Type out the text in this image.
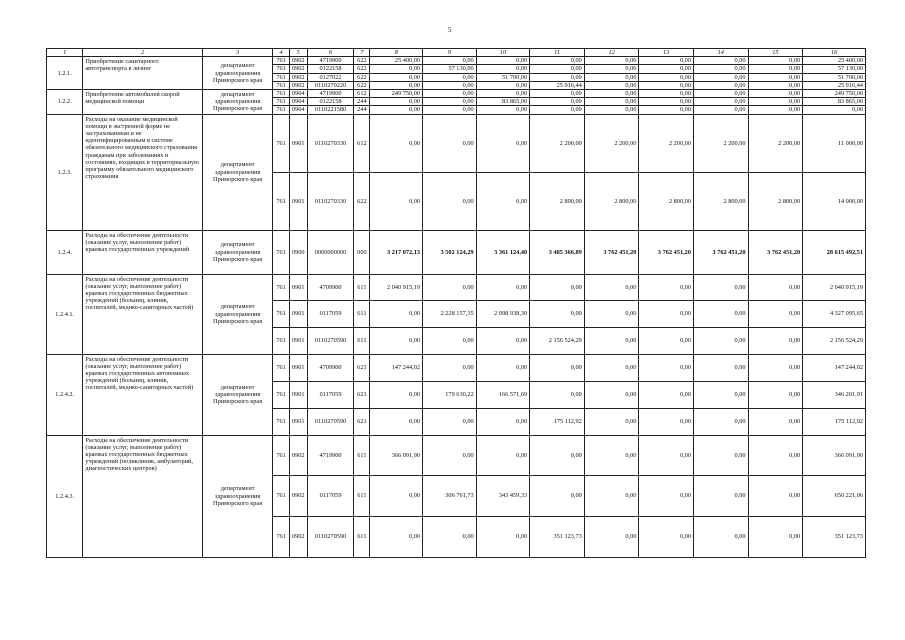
5
1	2	3	4	5	6	7	8	9	10	11	12	13	14	15	16
1.2.1.	Приобретение санитарного автотранспорта в лизинг	департамент здравоохранения Приморского края	761	0902	4719900	622	25 400,00	0,00	0,00	0,00	0,00	0,00	0,00	0,00	25 400,00
			761	0902	0122158	622	0,00	57 130,00	0,00	0,00	0,00	0,00	0,00	0,00	57 130,00
			761	0902	0127022	622	0,00	0,00	51 700,00	0,00	0,00	0,00	0,00	0,00	51 700,00
			761	0902	0110270220	622	0,00	0,00	0,00	25 916,44	0,00	0,00	0,00	0,00	25 916,44
1.2.2.	Приобретение автомобилей скорой медицинской помощи	департамент здравоохранения Приморского края	761	0904	4719900	612	249 750,00	0,00	0,00	0,00	0,00	0,00	0,00	0,00	249 750,00
			761	0904	0122158	244	0,00	0,00	83 865,00	0,00	0,00	0,00	0,00	0,00	83 865,00
			761	0904	0110221580	244	0,00	0,00	0,00	0,00	0,00	0,00	0,00	0,00	0,00
1.2.3.	Расходы на оказание медицинской помощи в экстренной форме не застрахованным и не идентифицированным в системе обязательного медицинского страхования гражданам при заболеваниях и состояниях, входящих в территориальную программу обязательного медицинского страхования	департамент здравоохранения Приморского края	761	0901	0110270330	612	0,00	0,00	0,00	2 200,00	2 200,00	2 200,00	2 200,00	2 200,00	11 000,00
			761	0901	0110270330	622	0,00	0,00	0,00	2 800,00	2 800,00	2 800,00	2 800,00	2 800,00	14 000,00
1.2.4.	Расходы на обеспечение деятельности (оказание услуг, выполнение работ) краевых государственных учреждений	департамент здравоохранения Приморского края	761	0900	0000000000	000	3 217 072,13	3 502 124,29	3 361 124,40	3 485 366,89	3 762 451,20	3 762 451,20	3 762 451,20	3 762 451,20	28 615 492,51
1.2.4.1.	Расходы на обеспечение деятельности (оказание услуг, выполнение работ) краевых государственных бюджетных учреждений (больниц, клиник, госпиталей, медико-санитарных частей)	департамент здравоохранения Приморского края	761	0901	4709900	611	2 040 915,19	0,00	0,00	0,00	0,00	0,00	0,00	0,00	2 040 915,19
			761	0901	0117059	611	0,00	2 228 157,35	2 098 938,30	0,00	0,00	0,00	0,00	0,00	4 327 095,65
			761	0901	0110270590	611	0,00	0,00	0,00	2 156 524,29	0,00	0,00	0,00	0,00	2 156 524,29
1.2.4.2.	Расходы на обеспечение деятельности (оказание услуг, выполнение работ) краевых государственных автономных учреждений (больниц, клиник, госпиталей, медико-санитарных частей)	департамент здравоохранения Приморского края	761	0901	4709900	621	147 244,02	0,00	0,00	0,00	0,00	0,00	0,00	0,00	147 244,02
			761	0901	0117059	621	0,00	179 630,22	166 571,69	0,00	0,00	0,00	0,00	0,00	346 201,91
			761	0901	0110270590	621	0,00	0,00	0,00	175 112,92	0,00	0,00	0,00	0,00	175 112,92
1.2.4.3.	Расходы на обеспечение деятельности (оказание услуг, выполнение работ) краевых государственных бюджетных учреждений (поликлиник, амбулаторий, диагностических центров)	департамент здравоохранения Приморского края	761	0902	4719900	611	366 091,90	0,00	0,00	0,00	0,00	0,00	0,00	0,00	366 091,90
			761	0902	0117059	611	0,00	306 761,73	343 459,33	0,00	0,00	0,00	0,00	0,00	650 221,06
			761	0902	0110270590	611	0,00	0,00	0,00	351 123,73	0,00	0,00	0,00	0,00	351 123,73
